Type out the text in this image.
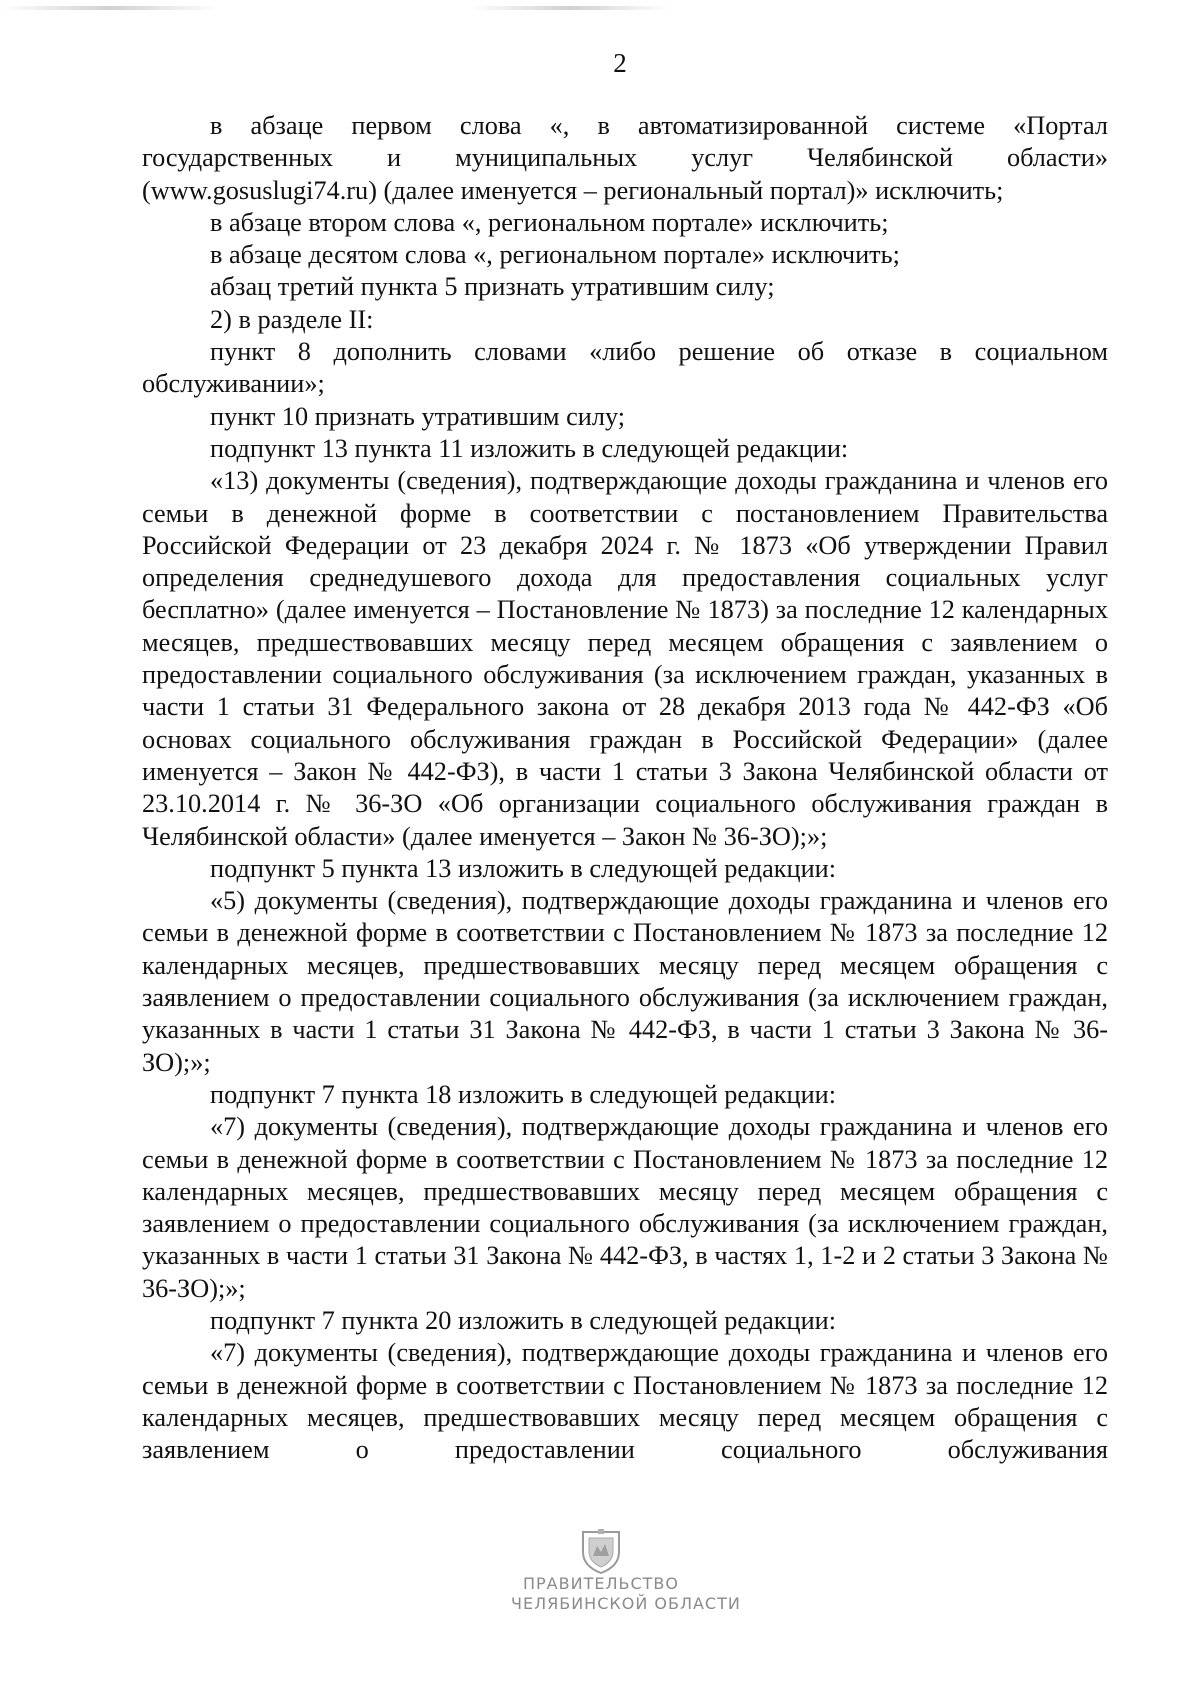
2

в абзаце первом слова «, в автоматизированной системе «Портал государственных и муниципальных услуг Челябинской области» (www.gosuslugi74.ru) (далее именуется – региональный портал)» исключить;

в абзаце втором слова «, региональном портале» исключить;

в абзаце десятом слова «, региональном портале» исключить;

абзац третий пункта 5 признать утратившим силу;

2) в разделе II:

пункт 8 дополнить словами «либо решение об отказе в социальном обслуживании»;

пункт 10 признать утратившим силу;

подпункт 13 пункта 11 изложить в следующей редакции:

«13) документы (сведения), подтверждающие доходы гражданина и членов его семьи в денежной форме в соответствии с постановлением Правительства Российской Федерации от 23 декабря 2024 г. № 1873 «Об утверждении Правил определения среднедушевого дохода для предоставления социальных услуг бесплатно» (далее именуется – Постановление № 1873) за последние 12 календарных месяцев, предшествовавших месяцу перед месяцем обращения с заявлением о предоставлении социального обслуживания (за исключением граждан, указанных в части 1 статьи 31 Федерального закона от 28 декабря 2013 года № 442-ФЗ «Об основах социального обслуживания граждан в Российской Федерации» (далее именуется – Закон № 442-ФЗ), в части 1 статьи 3 Закона Челябинской области от 23.10.2014 г. № 36-ЗО «Об организации социального обслуживания граждан в Челябинской области» (далее именуется – Закон № 36-ЗО);»;

подпункт 5 пункта 13 изложить в следующей редакции:

«5) документы (сведения), подтверждающие доходы гражданина и членов его семьи в денежной форме в соответствии с Постановлением № 1873 за последние 12 календарных месяцев, предшествовавших месяцу перед месяцем обращения с заявлением о предоставлении социального обслуживания (за исключением граждан, указанных в части 1 статьи 31 Закона № 442-ФЗ, в части 1 статьи 3 Закона № 36-ЗО);»;

подпункт 7 пункта 18 изложить в следующей редакции:

«7) документы (сведения), подтверждающие доходы гражданина и членов его семьи в денежной форме в соответствии с Постановлением № 1873 за последние 12 календарных месяцев, предшествовавших месяцу перед месяцем обращения с заявлением о предоставлении социального обслуживания (за исключением граждан, указанных в части 1 статьи 31 Закона № 442-ФЗ, в частях 1, 1-2 и 2 статьи 3 Закона № 36-ЗО);»;

подпункт 7 пункта 20 изложить в следующей редакции:

«7) документы (сведения), подтверждающие доходы гражданина и членов его семьи в денежной форме в соответствии с Постановлением № 1873 за последние 12 календарных месяцев, предшествовавших месяцу перед месяцем обращения с заявлением о предоставлении социального обслуживания

ПРАВИТЕЛЬСТВО
ЧЕЛЯБИНСКОЙ ОБЛАСТИ
